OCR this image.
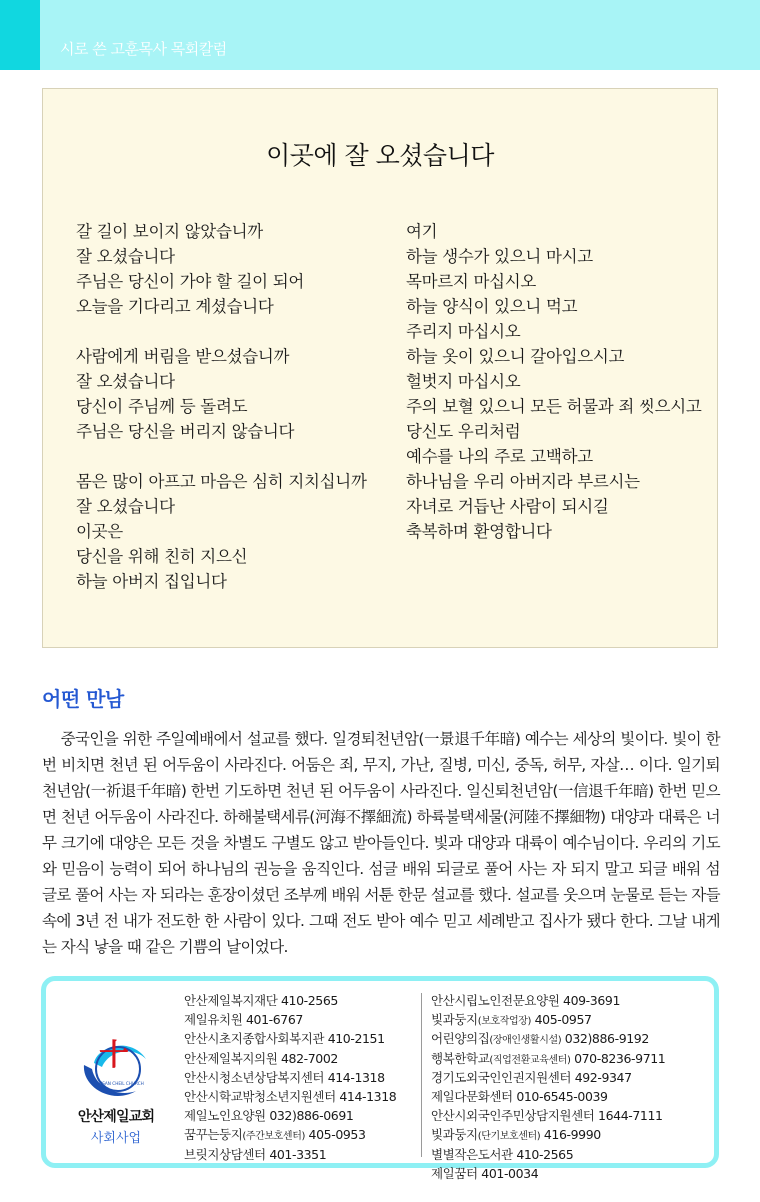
시로 쓴 고훈목사 목회칼럼
이곳에 잘 오셨습니다
갈 길이 보이지 않았습니까
잘 오셨습니다
주님은 당신이 가야 할 길이 되어
오늘을 기다리고 계셨습니다
사람에게 버림을 받으셨습니까
잘 오셨습니다
당신이 주님께 등 돌려도
주님은 당신을 버리지 않습니다
몸은 많이 아프고 마음은 심히 지치십니까
잘 오셨습니다
이곳은
당신을 위해 친히 지으신
하늘 아버지 집입니다
여기
하늘 생수가 있으니 마시고
목마르지 마십시오
하늘 양식이 있으니 먹고
주리지 마십시오
하늘 옷이 있으니 갈아입으시고
헐벗지 마십시오
주의 보혈 있으니 모든 허물과 죄 씻으시고
당신도 우리처럼
예수를 나의 주로 고백하고
하나님을 우리 아버지라 부르시는
자녀로 거듭난 사람이 되시길
축복하며 환영합니다
어떤 만남
중국인을 위한 주일예배에서 설교를 했다. 일경퇴천년암(一景退千年暗) 예수는 세상의 빛이다. 빛이 한 번 비치면 천년 된 어두움이 사라진다. 어둠은 죄, 무지, 가난, 질병, 미신, 중독, 허무, 자살… 이다. 일기퇴천년암(一祈退千年暗) 한번 기도하면 천년 된 어두움이 사라진다. 일신퇴천년암(一信退千年暗) 한번 믿으면 천년 어두움이 사라진다. 하해불택세류(河海不擇細流) 하륙불택세물(河陸不擇細物) 대양과 대륙은 너무 크기에 대양은 모든 것을 차별도 구별도 않고 받아들인다. 빛과 대양과 대륙이 예수님이다. 우리의 기도와 믿음이 능력이 되어 하나님의 권능을 움직인다. 섬글 배워 되글로 풀어 사는 자 되지 말고 되글 배워 섬글로 풀어 사는 자 되라는 훈장이셨던 조부께 배워 서툰 한문 설교를 했다. 설교를 웃으며 눈물로 듣는 자들 속에 3년 전 내가 전도한 한 사람이 있다. 그때 전도 받아 예수 믿고 세례받고 집사가 됐다 한다. 그날 내게는 자식 낳을 때 같은 기쁨의 날이었다.
十
ANSAN CHEIL CHURCH
안산제일교회
사회사업
안산제일복지재단 410-2565
제일유치원 401-6767
안산시초지종합사회복지관 410-2151
안산제일복지의원 482-7002
안산시청소년상담복지센터 414-1318
안산시학교밖청소년지원센터 414-1318
제일노인요양원 032)886-0691
꿈꾸는둥지(주간보호센터) 405-0953
브릿지상담센터 401-3351
안산시립노인전문요양원 409-3691
빛과둥지(보호작업장) 405-0957
어린양의집(장애인생활시설) 032)886-9192
행복한학교(직업전환교육센터) 070-8236-9711
경기도외국인인권지원센터 492-9347
제일다문화센터 010-6545-0039
안산시외국인주민상담지원센터 1644-7111
빛과둥지(단기보호센터) 416-9990
별별작은도서관 410-2565
제일꿈터 401-0034
